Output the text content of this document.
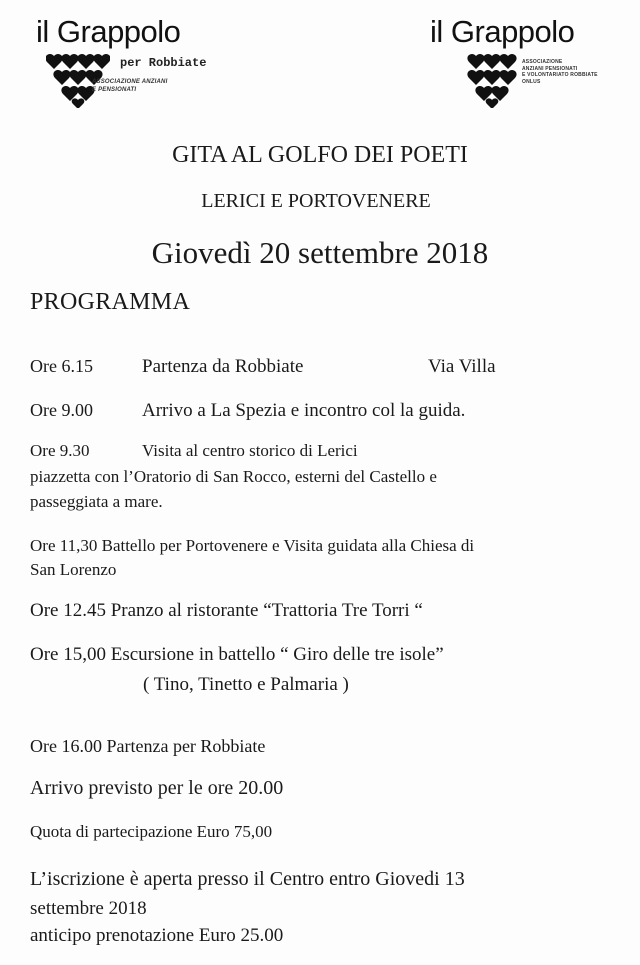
il Grappolo
per Robbiate
ASSOCIAZIONE ANZIANI
E PENSIONATI
il Grappolo
ASSOCIAZIONE
ANZIANI PENSIONATI
E VOLONTARIATO ROBBIATE
ONLUS
GITA AL GOLFO DEI POETI
LERICI E PORTOVENERE
Giovedì 20 settembre 2018
PROGRAMMA
Ore 6.15	Partenza da Robbiate	Via Villa
Ore 9.00	Arrivo a La Spezia e incontro col la guida.
Ore 9.30	Visita al centro storico di Lerici
piazzetta con l’Oratorio di San Rocco, esterni del Castello e
passeggiata a mare.
Ore 11,30 Battello per Portovenere e Visita guidata alla Chiesa di
San Lorenzo
Ore 12.45 Pranzo al ristorante “Trattoria Tre Torri “
Ore 15,00 Escursione in battello “ Giro delle tre isole”
( Tino, Tinetto e Palmaria )
Ore 16.00 Partenza per Robbiate
Arrivo previsto per le ore 20.00
Quota di partecipazione Euro 75,00
L’iscrizione è aperta presso il Centro entro Giovedi 13
settembre 2018
anticipo prenotazione Euro 25.00
